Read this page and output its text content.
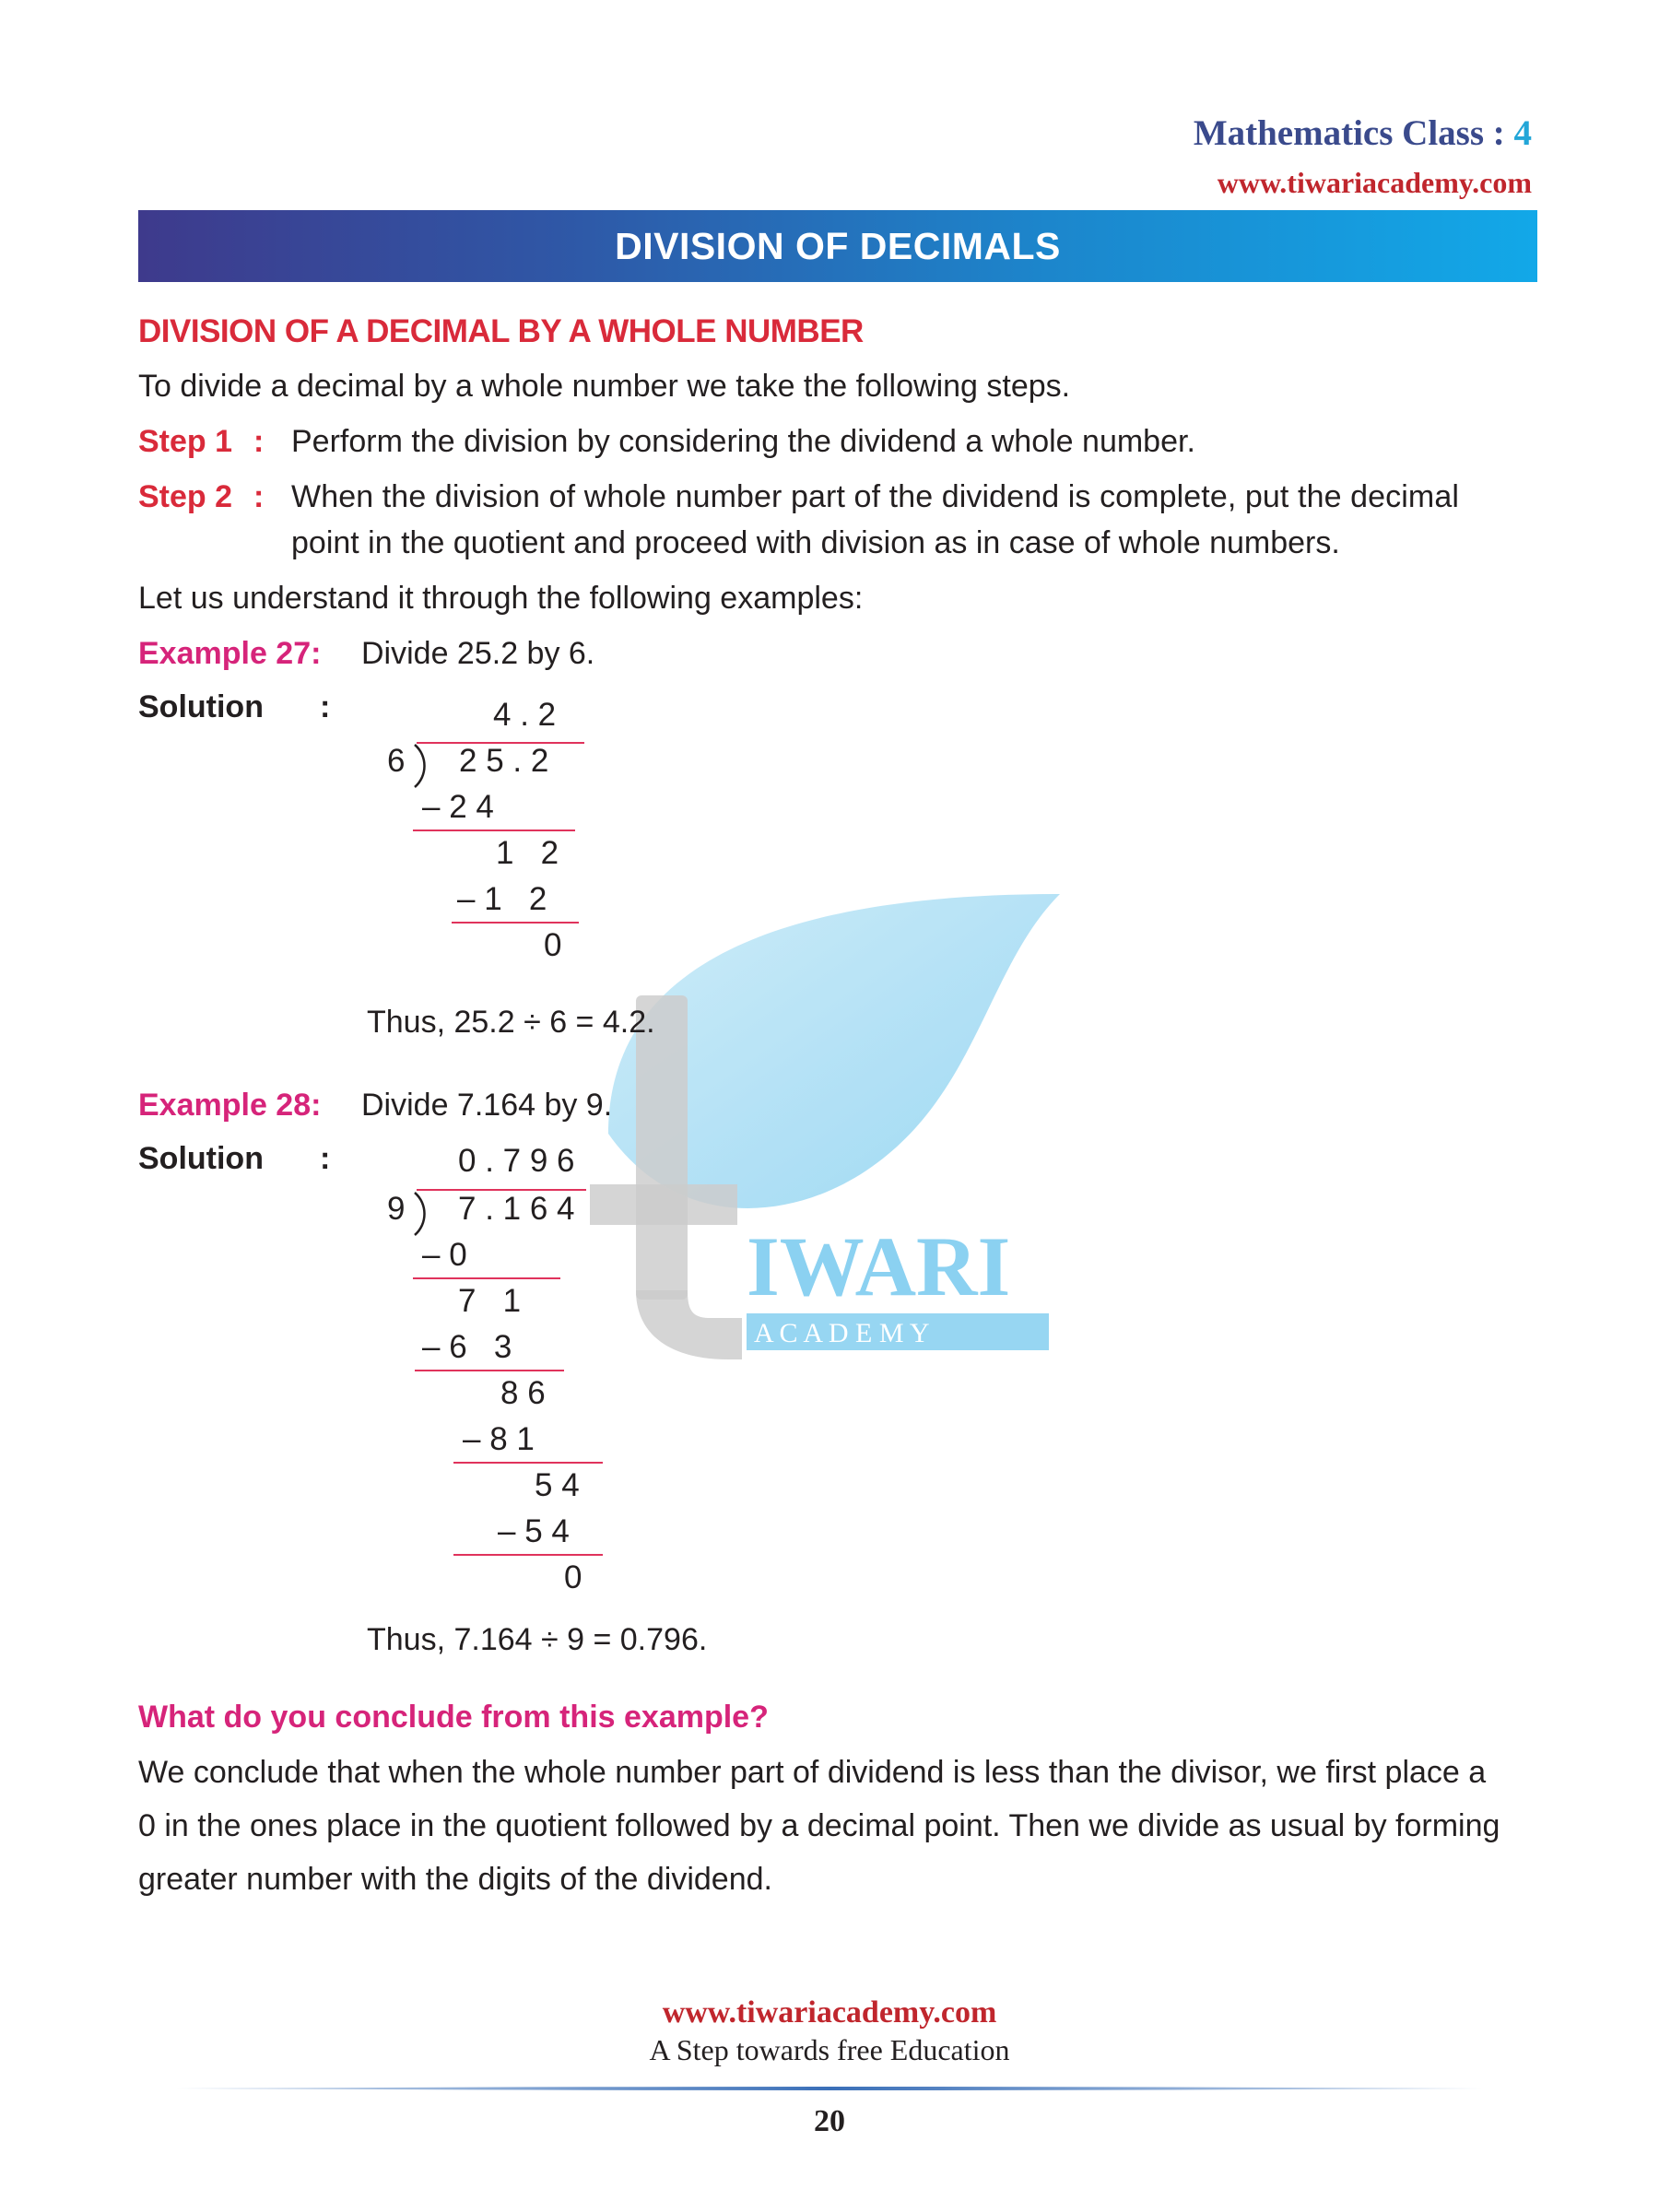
Mathematics Class : 4
www.tiwariacademy.com
DIVISION OF DECIMALS
IWARI
A C A D E M Y
DIVISION OF A DECIMAL BY A WHOLE NUMBER
To divide a decimal by a whole number we take the following steps.
Step 1 : Perform the division by considering the dividend a whole number.
Step 2 : When the division of whole number part of the dividend is complete, put the decimal
point in the quotient and proceed with division as in case of whole numbers.
Let us understand it through the following examples:
Example 27: Divide 25.2 by 6.
Solution :	4 . 2
6 2 5 . 2
– 2 4
1   2
– 1   2
0
Thus, 25.2 ÷ 6 = 4.2.
Example 28: Divide 7.164 by 9.
Solution :	0 . 7 9 6
9 7 . 1 6 4
– 0
7   1
– 6   3
8 6
– 8 1
5 4
– 5 4
0
Thus, 7.164 ÷ 9 = 0.796.
What do you conclude from this example?
We conclude that when the whole number part of dividend is less than the divisor, we first place a
0 in the ones place in the quotient followed by a decimal point. Then we divide as usual by forming
greater number with the digits of the dividend.
www.tiwariacademy.com
A Step towards free Education
20
